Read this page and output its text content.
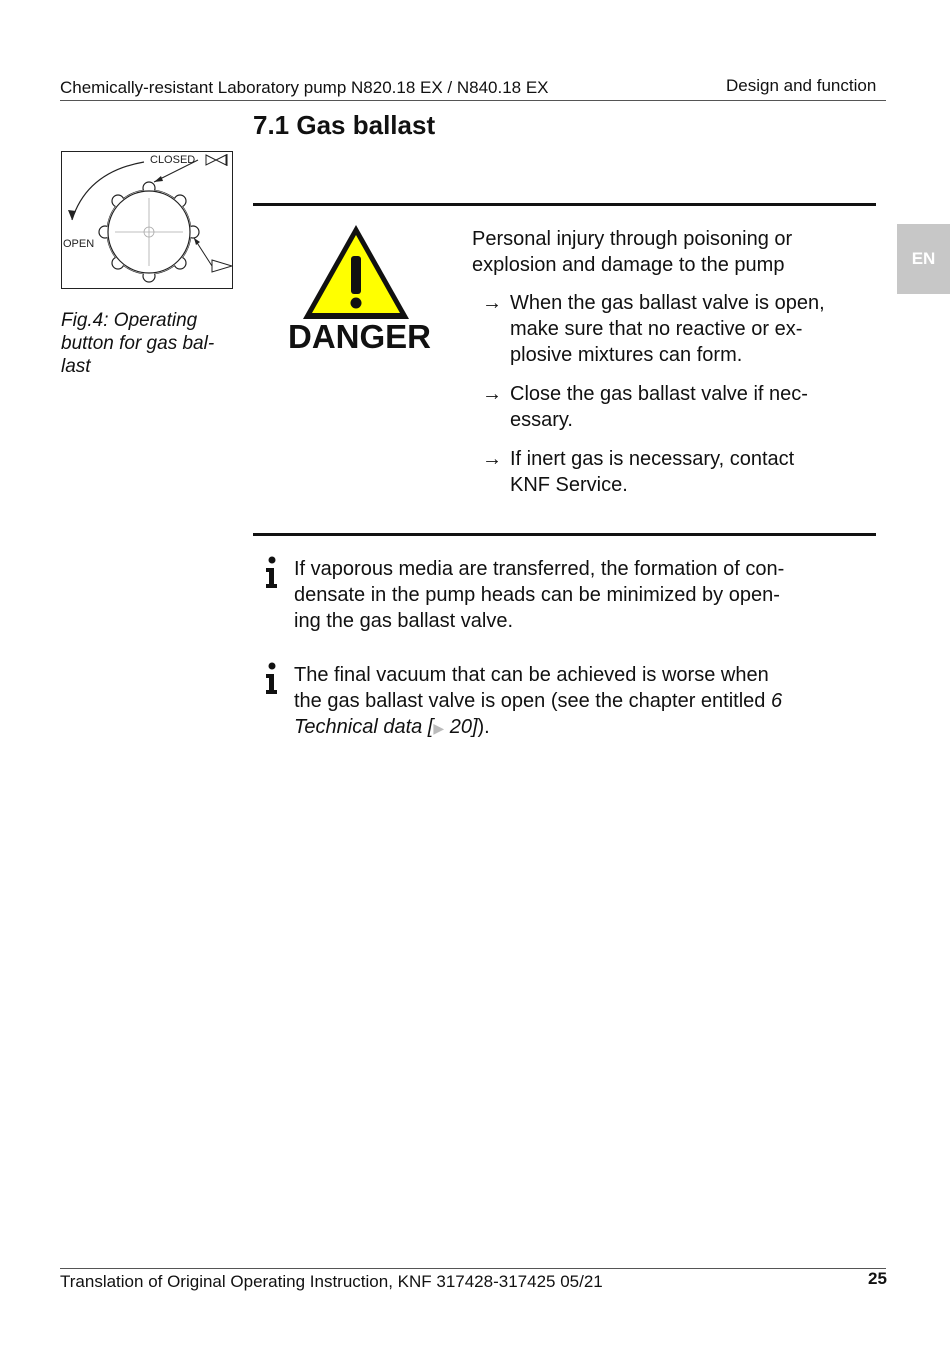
Chemically-resistant Laboratory pump N820.18 EX / N840.18 EX	Design and function
EN
7.1 Gas ballast
CLOSED
OPEN
Fig.4: Operating button for gas bal-last
DANGER
Personal injury through poisoning or
explosion and damage to the pump
→ When the gas ballast valve is open,
make sure that no reactive or ex-
plosive mixtures can form.
→ Close the gas ballast valve if nec-
essary.
→ If inert gas is necessary, contact
KNF Service.
If vaporous media are transferred, the formation of con-
densate in the pump heads can be minimized by open-
ing the gas ballast valve.
The final vacuum that can be achieved is worse when
the gas ballast valve is open (see the chapter entitled 6
Technical data [▶ 20]).
Translation of Original Operating Instruction, KNF 317428-317425 05/21	25
